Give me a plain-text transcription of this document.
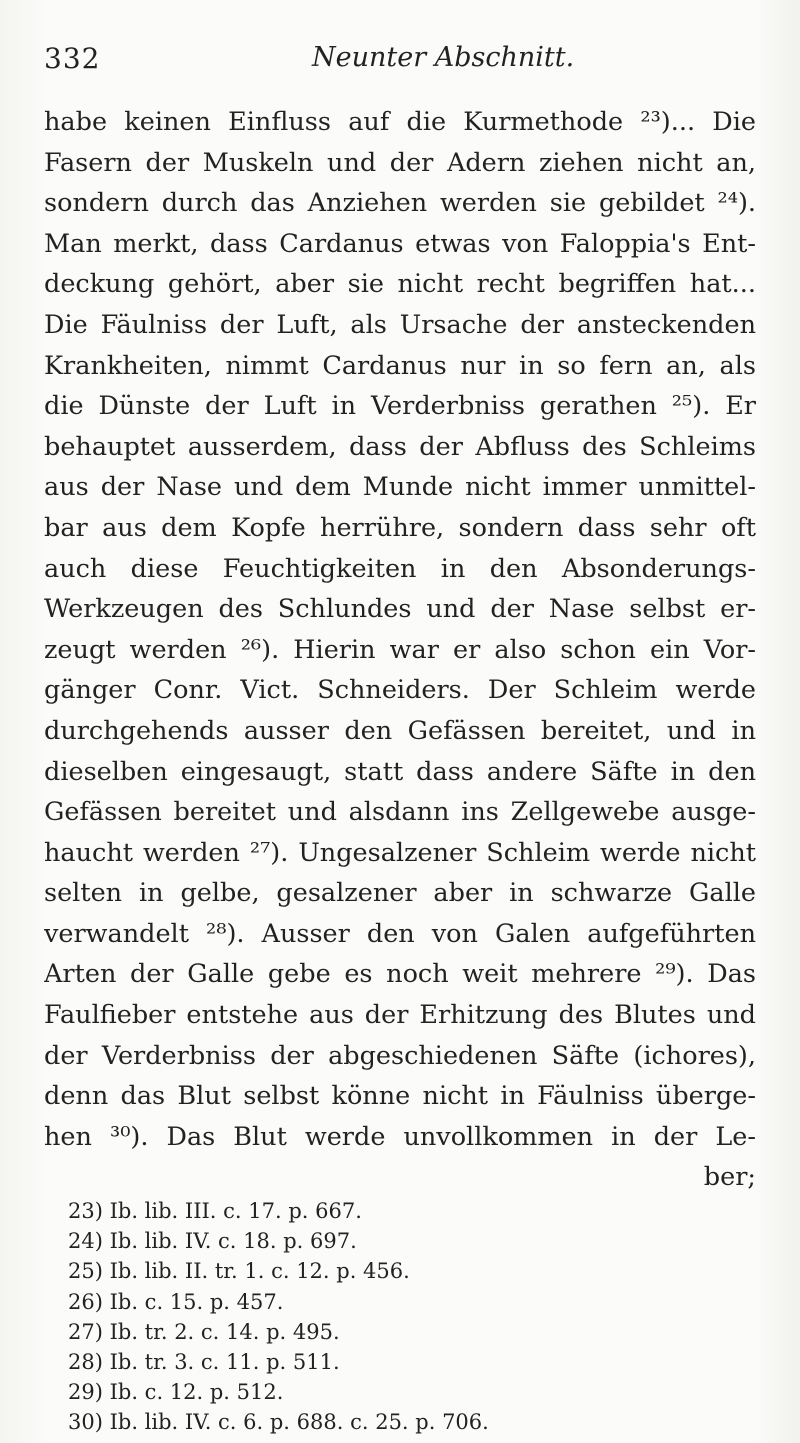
332	Neunter Abschnitt.
habe keinen Einfluss auf die Kurmethode ²³)... Die
Fasern der Muskeln und der Adern ziehen nicht an,
sondern durch das Anziehen werden sie gebildet ²⁴).
Man merkt, dass Cardanus etwas von Faloppia's Ent-
deckung gehört, aber sie nicht recht begriffen hat...
Die Fäulniss der Luft, als Ursache der ansteckenden
Krankheiten, nimmt Cardanus nur in so fern an, als
die Dünste der Luft in Verderbniss gerathen ²⁵). Er
behauptet ausserdem, dass der Abfluss des Schleims
aus der Nase und dem Munde nicht immer unmittel-
bar aus dem Kopfe herrühre, sondern dass sehr oft
auch diese Feuchtigkeiten in den Absonderungs-
Werkzeugen des Schlundes und der Nase selbst er-
zeugt werden ²⁶). Hierin war er also schon ein Vor-
gänger Conr. Vict. Schneiders. Der Schleim werde
durchgehends ausser den Gefässen bereitet, und in
dieselben eingesaugt, statt dass andere Säfte in den
Gefässen bereitet und alsdann ins Zellgewebe ausge-
haucht werden ²⁷). Ungesalzener Schleim werde nicht
selten in gelbe, gesalzener aber in schwarze Galle
verwandelt ²⁸). Ausser den von Galen aufgeführten
Arten der Galle gebe es noch weit mehrere ²⁹). Das
Faulfieber entstehe aus der Erhitzung des Blutes und
der Verderbniss der abgeschiedenen Säfte (ichores),
denn das Blut selbst könne nicht in Fäulniss überge-
hen ³⁰). Das Blut werde unvollkommen in der Le-
ber;
23) Ib. lib. III. c. 17. p. 667.
24) Ib. lib. IV. c. 18. p. 697.
25) Ib. lib. II. tr. 1. c. 12. p. 456.
26) Ib. c. 15. p. 457.
27) Ib. tr. 2. c. 14. p. 495.
28) Ib. tr. 3. c. 11. p. 511.
29) Ib. c. 12. p. 512.
30) Ib. lib. IV. c. 6. p. 688. c. 25. p. 706.
